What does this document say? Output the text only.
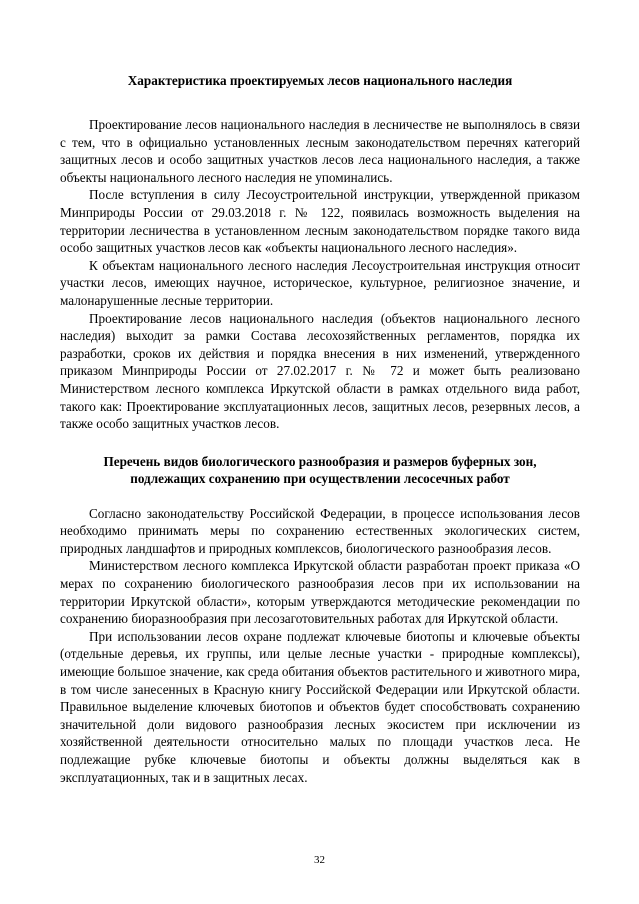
Характеристика проектируемых лесов национального наследия

Проектирование лесов национального наследия в лесничестве не выполнялось в связи с тем, что в официально установленных лесным законодательством перечнях категорий защитных лесов и особо защитных участков лесов леса национального наследия, а также объекты национального лесного наследия не упоминались.

После вступления в силу Лесоустроительной инструкции, утвержденной приказом Минприроды России от 29.03.2018 г. № 122, появилась возможность выделения на территории лесничества в установленном лесным законодательством порядке такого вида особо защитных участков лесов как «объекты национального лесного наследия».

К объектам национального лесного наследия Лесоустроительная инструкция относит участки лесов, имеющих научное, историческое, культурное, религиозное значение, и малонарушенные лесные территории.

Проектирование лесов национального наследия (объектов национального лесного наследия) выходит за рамки Состава лесохозяйственных регламентов, порядка их разработки, сроков их действия и порядка внесения в них изменений, утвержденного приказом Минприроды России от 27.02.2017 г. № 72 и может быть реализовано Министерством лесного комплекса Иркутской области в рамках отдельного вида работ, такого как: Проектирование эксплуатационных лесов, защитных лесов, резервных лесов, а также особо защитных участков лесов.

Перечень видов биологического разнообразия и размеров буферных зон,
подлежащих сохранению при осуществлении лесосечных работ

Согласно законодательству Российской Федерации, в процессе использования лесов необходимо принимать меры по сохранению естественных экологических систем, природных ландшафтов и природных комплексов, биологического разнообразия лесов.

Министерством лесного комплекса Иркутской области разработан проект приказа «О мерах по сохранению биологического разнообразия лесов при их использовании на территории Иркутской области», которым утверждаются методические рекомендации по сохранению биоразнообразия при лесозаготовительных работах для Иркутской области.

При использовании лесов охране подлежат ключевые биотопы и ключевые объекты (отдельные деревья, их группы, или целые лесные участки - природные комплексы), имеющие большое значение, как среда обитания объектов растительного и животного мира, в том числе занесенных в Красную книгу Российской Федерации или Иркутской области. Правильное выделение ключевых биотопов и объектов будет способствовать сохранению значительной доли видового разнообразия лесных экосистем при исключении из хозяйственной деятельности относительно малых по площади участков леса. Не подлежащие рубке ключевые биотопы и объекты должны выделяться как в эксплуатационных, так и в защитных лесах.

32
